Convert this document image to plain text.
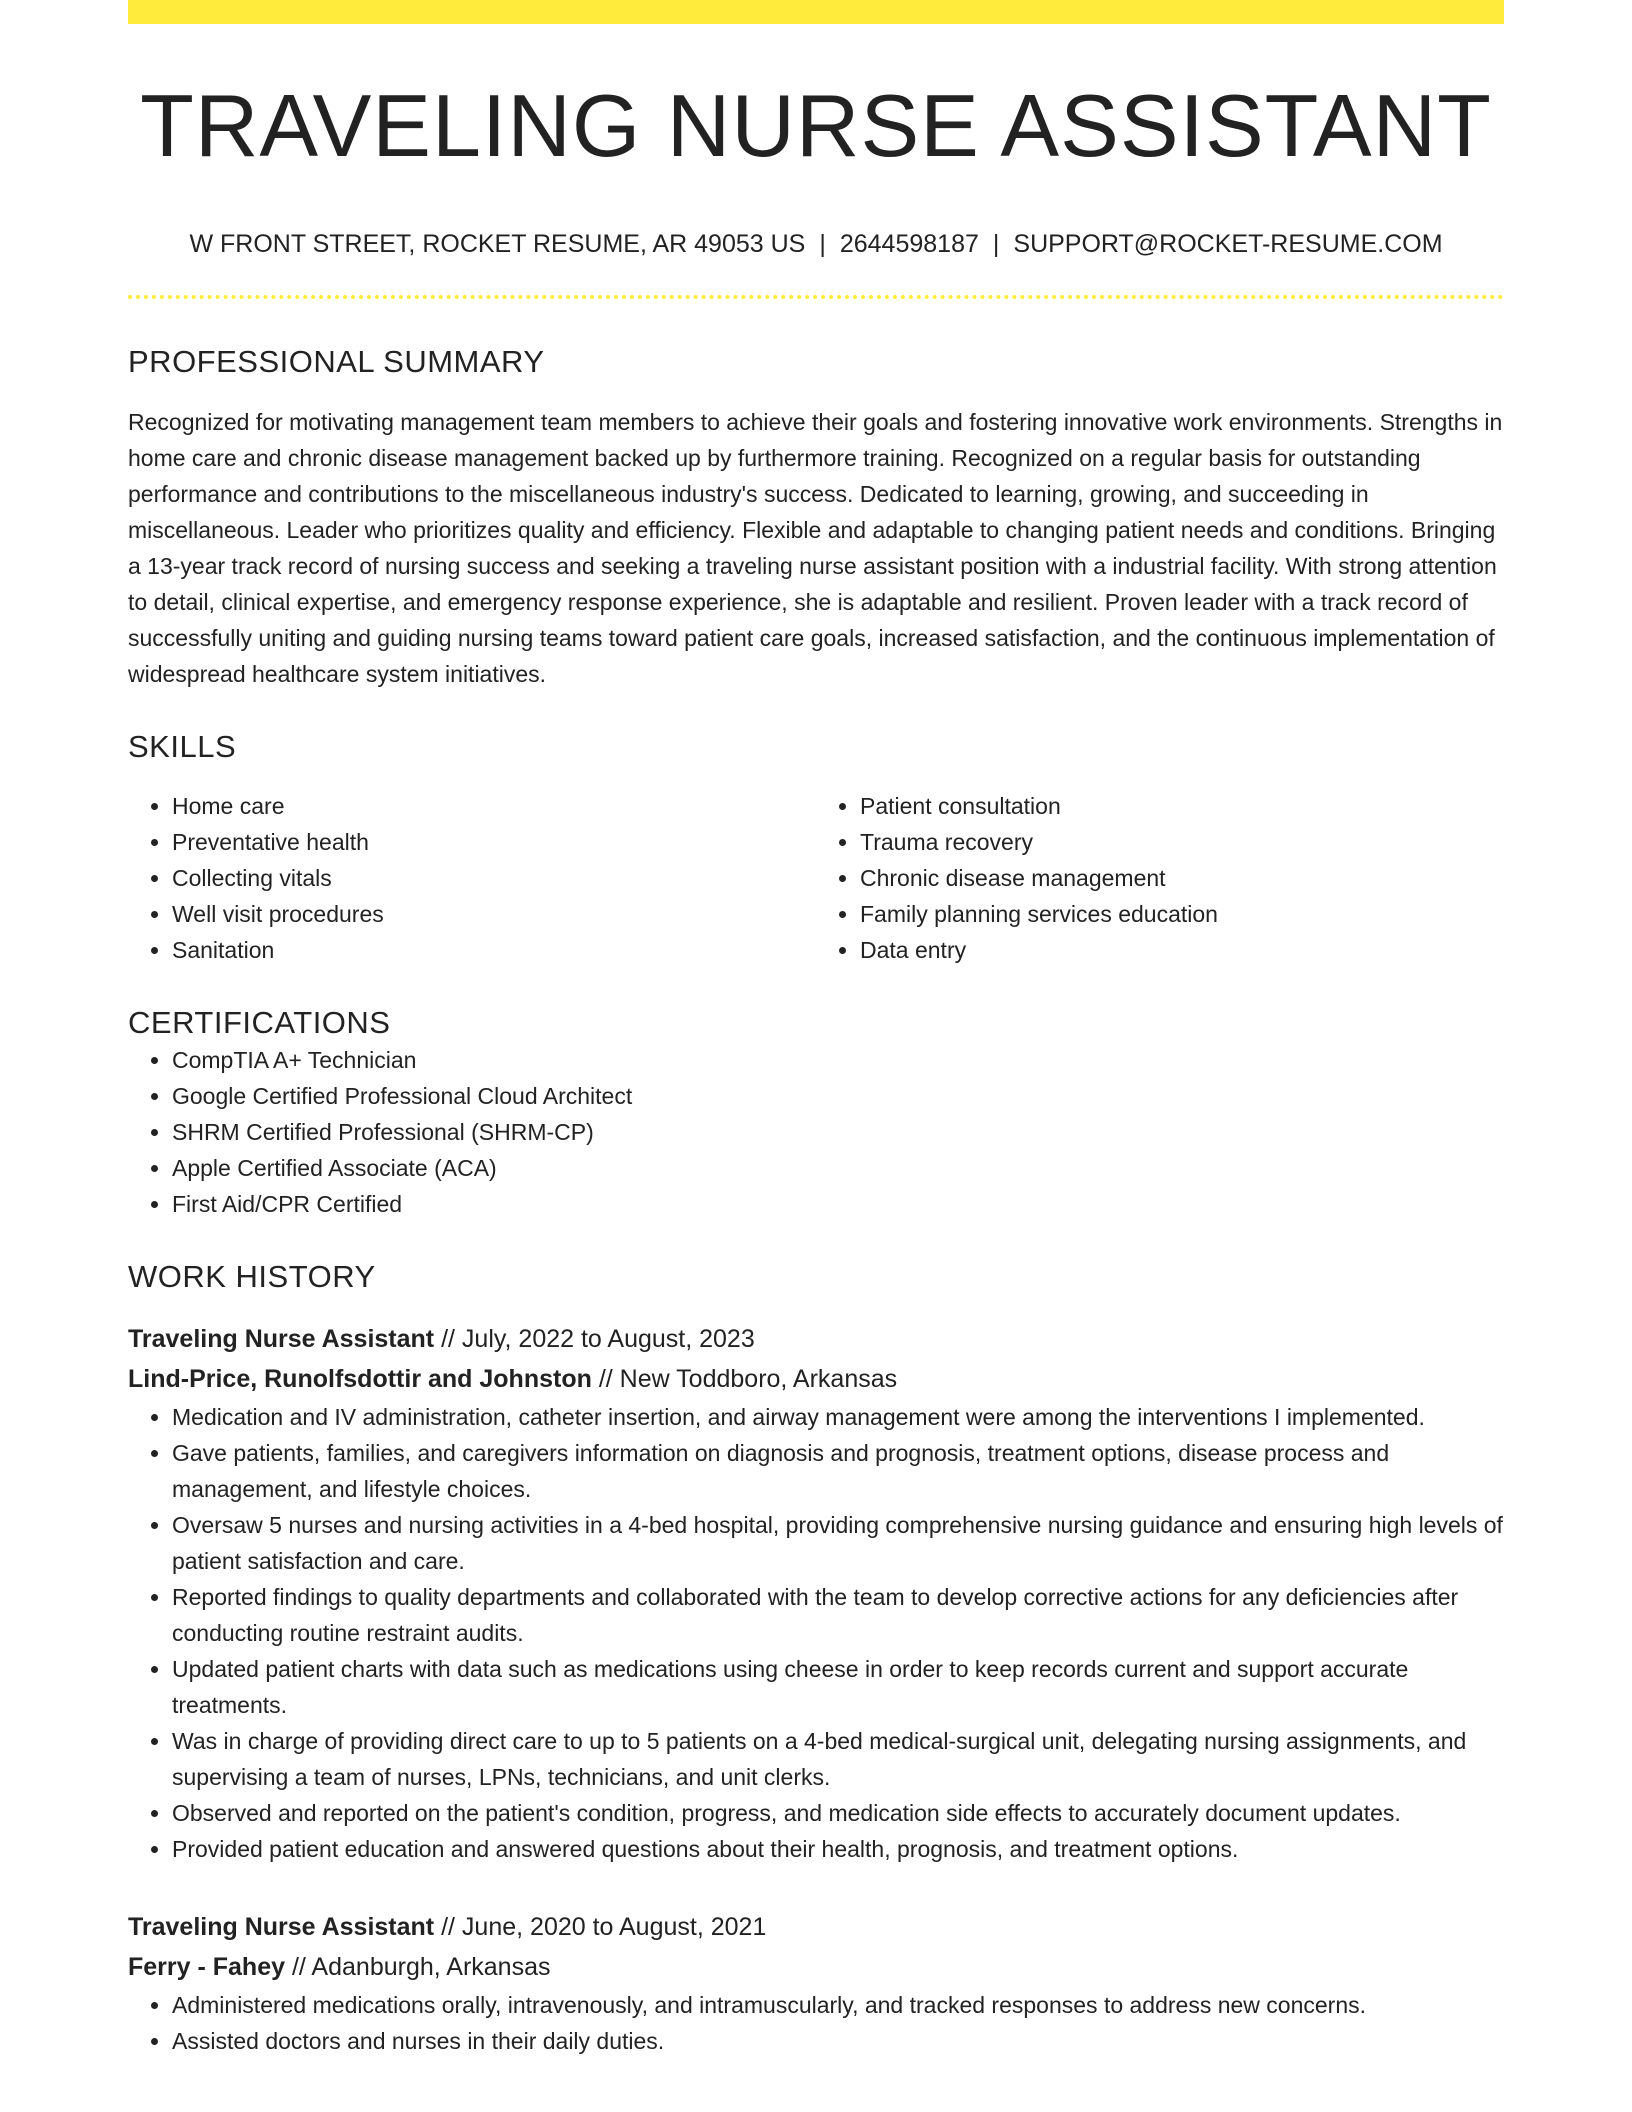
TRAVELING NURSE ASSISTANT
W FRONT STREET, ROCKET RESUME, AR 49053 US | 2644598187 | SUPPORT@ROCKET-RESUME.COM
PROFESSIONAL SUMMARY

Recognized for motivating management team members to achieve their goals and fostering innovative work environments. Strengths in home care and chronic disease management backed up by furthermore training. Recognized on a regular basis for outstanding performance and contributions to the miscellaneous industry's success. Dedicated to learning, growing, and succeeding in miscellaneous. Leader who prioritizes quality and efficiency. Flexible and adaptable to changing patient needs and conditions. Bringing a 13-year track record of nursing success and seeking a traveling nurse assistant position with a industrial facility. With strong attention to detail, clinical expertise, and emergency response experience, she is adaptable and resilient. Proven leader with a track record of successfully uniting and guiding nursing teams toward patient care goals, increased satisfaction, and the continuous implementation of widespread healthcare system initiatives.

SKILLS
• Home care
• Preventative health
• Collecting vitals
• Well visit procedures
• Sanitation
• Patient consultation
• Trauma recovery
• Chronic disease management
• Family planning services education
• Data entry
CERTIFICATIONS
• CompTIA A+ Technician
• Google Certified Professional Cloud Architect
• SHRM Certified Professional (SHRM-CP)
• Apple Certified Associate (ACA)
• First Aid/CPR Certified
WORK HISTORY
Traveling Nurse Assistant // July, 2022 to August, 2023
Lind-Price, Runolfsdottir and Johnston // New Toddboro, Arkansas
• Medication and IV administration, catheter insertion, and airway management were among the interventions I implemented.
• Gave patients, families, and caregivers information on diagnosis and prognosis, treatment options, disease process and management, and lifestyle choices.
• Oversaw 5 nurses and nursing activities in a 4-bed hospital, providing comprehensive nursing guidance and ensuring high levels of patient satisfaction and care.
• Reported findings to quality departments and collaborated with the team to develop corrective actions for any deficiencies after conducting routine restraint audits.
• Updated patient charts with data such as medications using cheese in order to keep records current and support accurate treatments.
• Was in charge of providing direct care to up to 5 patients on a 4-bed medical-surgical unit, delegating nursing assignments, and supervising a team of nurses, LPNs, technicians, and unit clerks.
• Observed and reported on the patient's condition, progress, and medication side effects to accurately document updates.
• Provided patient education and answered questions about their health, prognosis, and treatment options.
Traveling Nurse Assistant // June, 2020 to August, 2021
Ferry - Fahey // Adanburgh, Arkansas
• Administered medications orally, intravenously, and intramuscularly, and tracked responses to address new concerns.
• Assisted doctors and nurses in their daily duties.
